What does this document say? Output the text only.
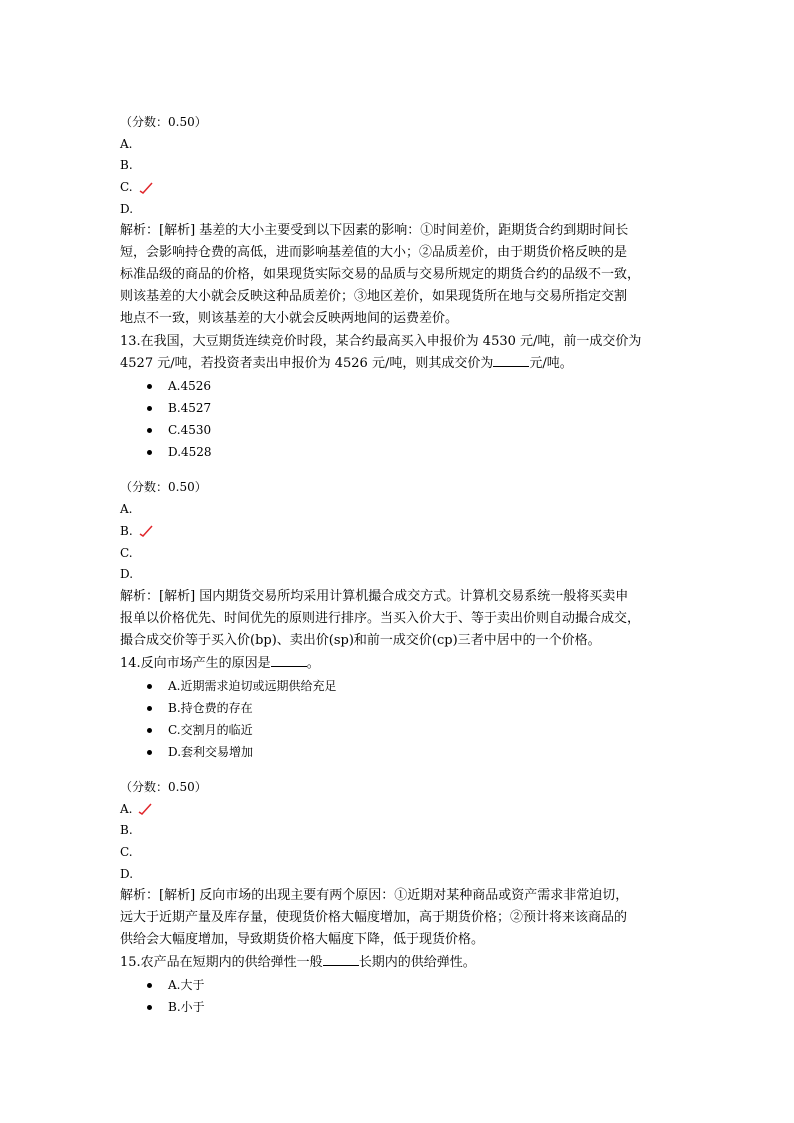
（分数：0.50）
A.
B.
C.
D.
解析：[解析] 基差的大小主要受到以下因素的影响：①时间差价，距期货合约到期时间长
短，会影响持仓费的高低，进而影响基差值的大小；②品质差价，由于期货价格反映的是
标准品级的商品的价格，如果现货实际交易的品质与交易所规定的期货合约的品级不一致，
则该基差的大小就会反映这种品质差价；③地区差价，如果现货所在地与交易所指定交割
地点不一致，则该基差的大小就会反映两地间的运费差价。
13.在我国，大豆期货连续竞价时段，某合约最高买入申报价为 4530 元/吨，前一成交价为
4527 元/吨，若投资者卖出申报价为 4526 元/吨，则其成交价为	元/吨。
A.4526
B.4527
C.4530
D.4528
（分数：0.50）
A.
B.
C.
D.
解析：[解析] 国内期货交易所均采用计算机撮合成交方式。计算机交易系统一般将买卖申
报单以价格优先、时间优先的原则进行排序。当买入价大于、等于卖出价则自动撮合成交，
撮合成交价等于买入价(bp)、卖出价(sp)和前一成交价(cp)三者中居中的一个价格。
14.反向市场产生的原因是	。
A.近期需求迫切或远期供给充足
B.持仓费的存在
C.交割月的临近
D.套利交易增加
（分数：0.50）
A.
B.
C.
D.
解析：[解析] 反向市场的出现主要有两个原因：①近期对某种商品或资产需求非常迫切，
远大于近期产量及库存量，使现货价格大幅度增加，高于期货价格；②预计将来该商品的
供给会大幅度增加，导致期货价格大幅度下降，低于现货价格。
15.农产品在短期内的供给弹性一般	长期内的供给弹性。
A.大于
B.小于
